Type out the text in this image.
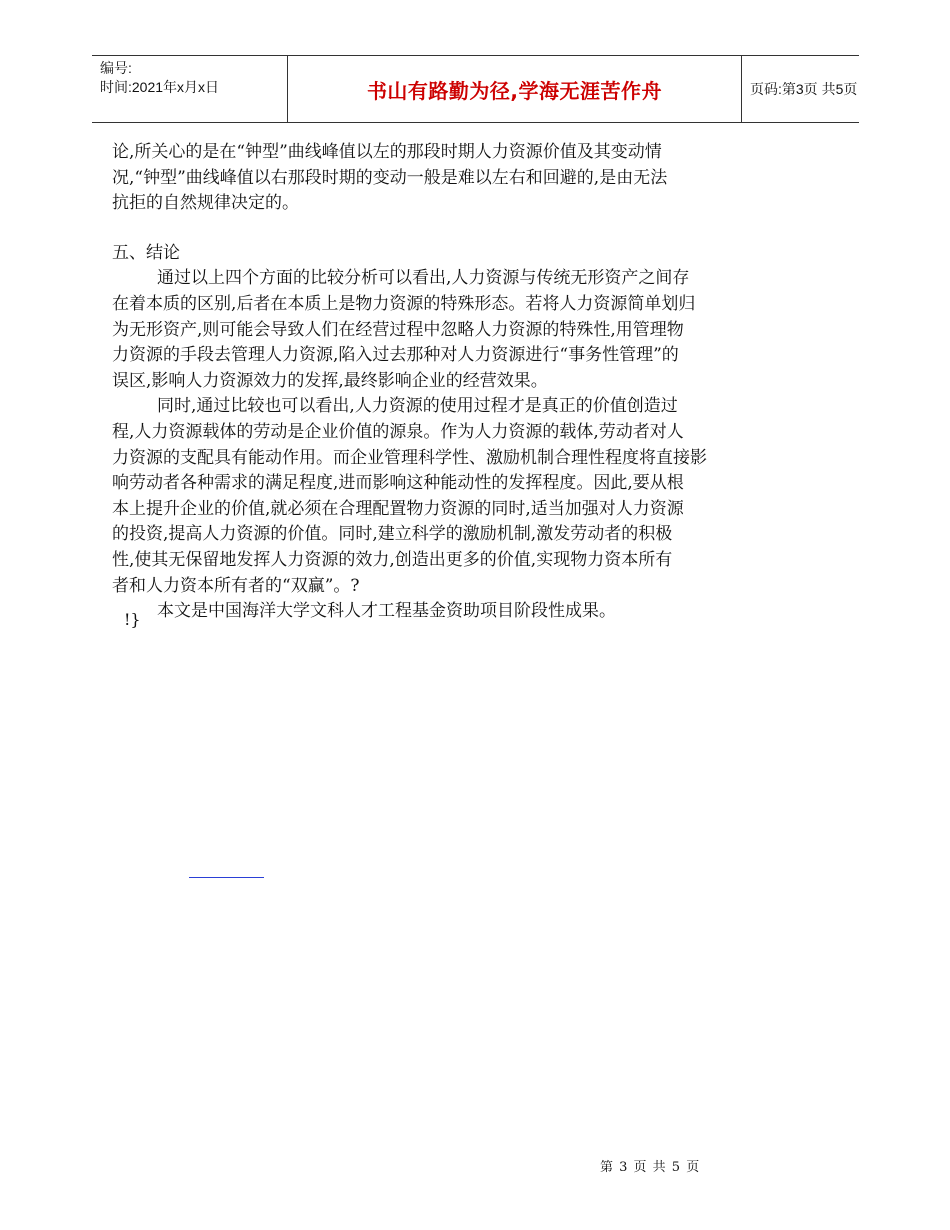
编号:
时间:2021年x月x日	书山有路勤为径,学海无涯苦作舟	页码:第3页 共5页

论,所关心的是在“钟型”曲线峰值以左的那段时期人力资源价值及其变动情

况,“钟型”曲线峰值以右那段时期的变动一般是难以左右和回避的,是由无法

抗拒的自然规律决定的。

五、结论

通过以上四个方面的比较分析可以看出,人力资源与传统无形资产之间存

在着本质的区别,后者在本质上是物力资源的特殊形态。若将人力资源简单划归

为无形资产,则可能会导致人们在经营过程中忽略人力资源的特殊性,用管理物

力资源的手段去管理人力资源,陷入过去那种对人力资源进行“事务性管理”的

误区,影响人力资源效力的发挥,最终影响企业的经营效果。

同时,通过比较也可以看出,人力资源的使用过程才是真正的价值创造过

程,人力资源载体的劳动是企业价值的源泉。作为人力资源的载体,劳动者对人

力资源的支配具有能动作用。而企业管理科学性、激励机制合理性程度将直接影

响劳动者各种需求的满足程度,进而影响这种能动性的发挥程度。因此,要从根

本上提升企业的价值,就必须在合理配置物力资源的同时,适当加强对人力资源

的投资,提高人力资源的价值。同时,建立科学的激励机制,激发劳动者的积极

性,使其无保留地发挥人力资源的效力,创造出更多的价值,实现物力资本所有

者和人力资本所有者的“双赢”。?

本文是中国海洋大学文科人才工程基金资助项目阶段性成果。

!}
第 3 页 共 5 页
